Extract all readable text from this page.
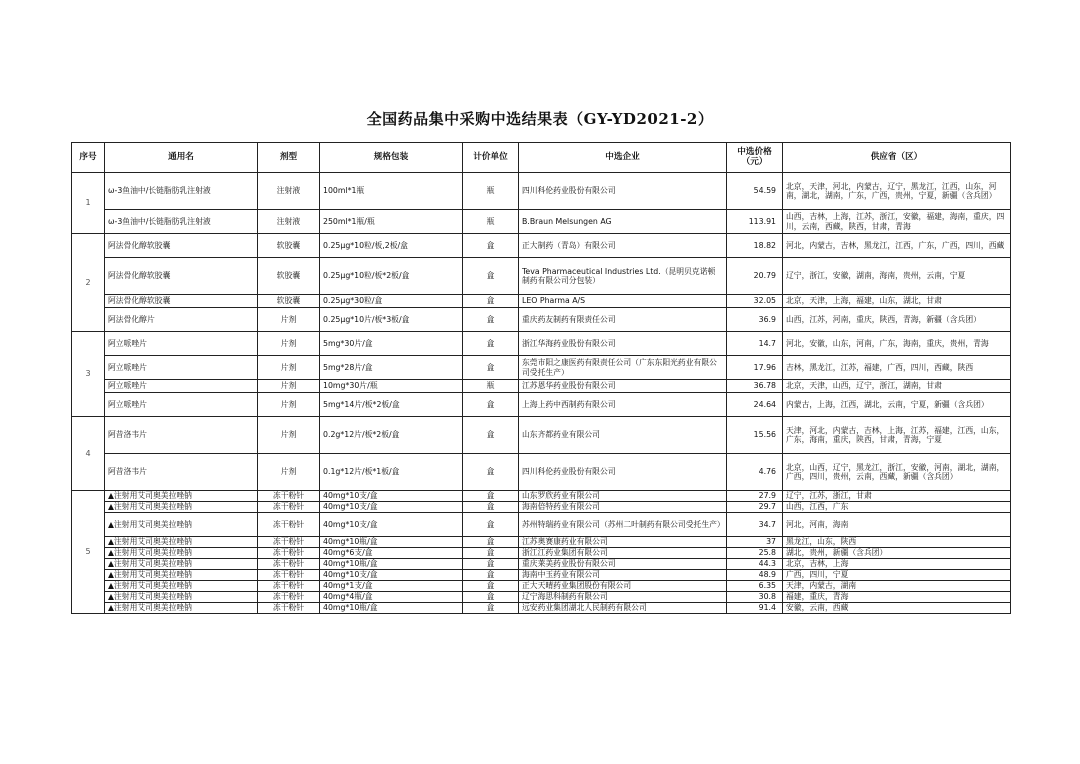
全国药品集中采购中选结果表（GY-YD2021-2）
序号	通用名	剂型	规格包装	计价单位	中选企业	中选价格（元）	供应省（区）
1	ω-3鱼油中/长链脂肪乳注射液	注射液	100ml*1瓶	瓶	四川科伦药业股份有限公司	54.59	北京，天津，河北，内蒙古，辽宁，黑龙江，江西，山东，河南，湖北，湖南，广东，广西，贵州，宁夏，新疆（含兵团）
	ω-3鱼油中/长链脂肪乳注射液	注射液	250ml*1瓶/瓶	瓶	B.Braun Melsungen AG	113.91	山西，吉林，上海，江苏，浙江，安徽，福建，海南，重庆，四川，云南，西藏，陕西，甘肃，青海
2	阿法骨化醇软胶囊	软胶囊	0.25μg*10粒/板,2板/盒	盒	正大制药（青岛）有限公司	18.82	河北，内蒙古，吉林，黑龙江，江西，广东，广西，四川，西藏
	阿法骨化醇软胶囊	软胶囊	0.25μg*10粒/板*2板/盒	盒	Teva Pharmaceutical Industries Ltd.（昆明贝克诺顿制药有限公司分包装）	20.79	辽宁，浙江，安徽，湖南，海南，贵州，云南，宁夏
	阿法骨化醇软胶囊	软胶囊	0.25μg*30粒/盒	盒	LEO Pharma A/S	32.05	北京，天津，上海，福建，山东，湖北，甘肃
	阿法骨化醇片	片剂	0.25μg*10片/板*3板/盒	盒	重庆药友制药有限责任公司	36.9	山西，江苏，河南，重庆，陕西，青海，新疆（含兵团）
3	阿立哌唑片	片剂	5mg*30片/盒	盒	浙江华海药业股份有限公司	14.7	河北，安徽，山东，河南，广东，海南，重庆，贵州，青海
	阿立哌唑片	片剂	5mg*28片/盒	盒	东莞市阳之康医药有限责任公司（广东东阳光药业有限公司受托生产）	17.96	吉林，黑龙江，江苏，福建，广西，四川，西藏，陕西
	阿立哌唑片	片剂	10mg*30片/瓶	瓶	江苏恩华药业股份有限公司	36.78	北京，天津，山西，辽宁，浙江，湖南，甘肃
	阿立哌唑片	片剂	5mg*14片/板*2板/盒	盒	上海上药中西制药有限公司	24.64	内蒙古，上海，江西，湖北，云南，宁夏，新疆（含兵团）
4	阿昔洛韦片	片剂	0.2g*12片/板*2板/盒	盒	山东齐都药业有限公司	15.56	天津，河北，内蒙古，吉林，上海，江苏，福建，江西，山东，广东，海南，重庆，陕西，甘肃，青海，宁夏
	阿昔洛韦片	片剂	0.1g*12片/板*1板/盒	盒	四川科伦药业股份有限公司	4.76	北京，山西，辽宁，黑龙江，浙江，安徽，河南，湖北，湖南，广西，四川，贵州，云南，西藏，新疆（含兵团）
5	▲注射用艾司奥美拉唑钠	冻干粉针	40mg*10支/盒	盒	山东罗欣药业有限公司	27.9	辽宁，江苏，浙江，甘肃
	▲注射用艾司奥美拉唑钠	冻干粉针	40mg*10支/盒	盒	海南倍特药业有限公司	29.7	山西，江西，广东
	▲注射用艾司奥美拉唑钠	冻干粉针	40mg*10支/盒	盒	苏州特瑞药业有限公司（苏州二叶制药有限公司受托生产）	34.7	河北，河南，海南
	▲注射用艾司奥美拉唑钠	冻干粉针	40mg*10瓶/盒	盒	江苏奥赛康药业有限公司	37	黑龙江，山东，陕西
	▲注射用艾司奥美拉唑钠	冻干粉针	40mg*6支/盒	盒	浙江江药业集团有限公司	25.8	湖北，贵州，新疆（含兵团）
	▲注射用艾司奥美拉唑钠	冻干粉针	40mg*10瓶/盒	盒	重庆莱美药业股份有限公司	44.3	北京，吉林，上海
	▲注射用艾司奥美拉唑钠	冻干粉针	40mg*10支/盒	盒	海南中玉药业有限公司	48.9	广西，四川，宁夏
	▲注射用艾司奥美拉唑钠	冻干粉针	40mg*1支/盒	盒	正大天晴药业集团股份有限公司	6.35	天津，内蒙古，湖南
	▲注射用艾司奥美拉唑钠	冻干粉针	40mg*4瓶/盒	盒	辽宁海思科制药有限公司	30.8	福建，重庆，青海
	▲注射用艾司奥美拉唑钠	冻干粉针	40mg*10瓶/盒	盒	远安药业集团湖北人民制药有限公司	91.4	安徽，云南，西藏
